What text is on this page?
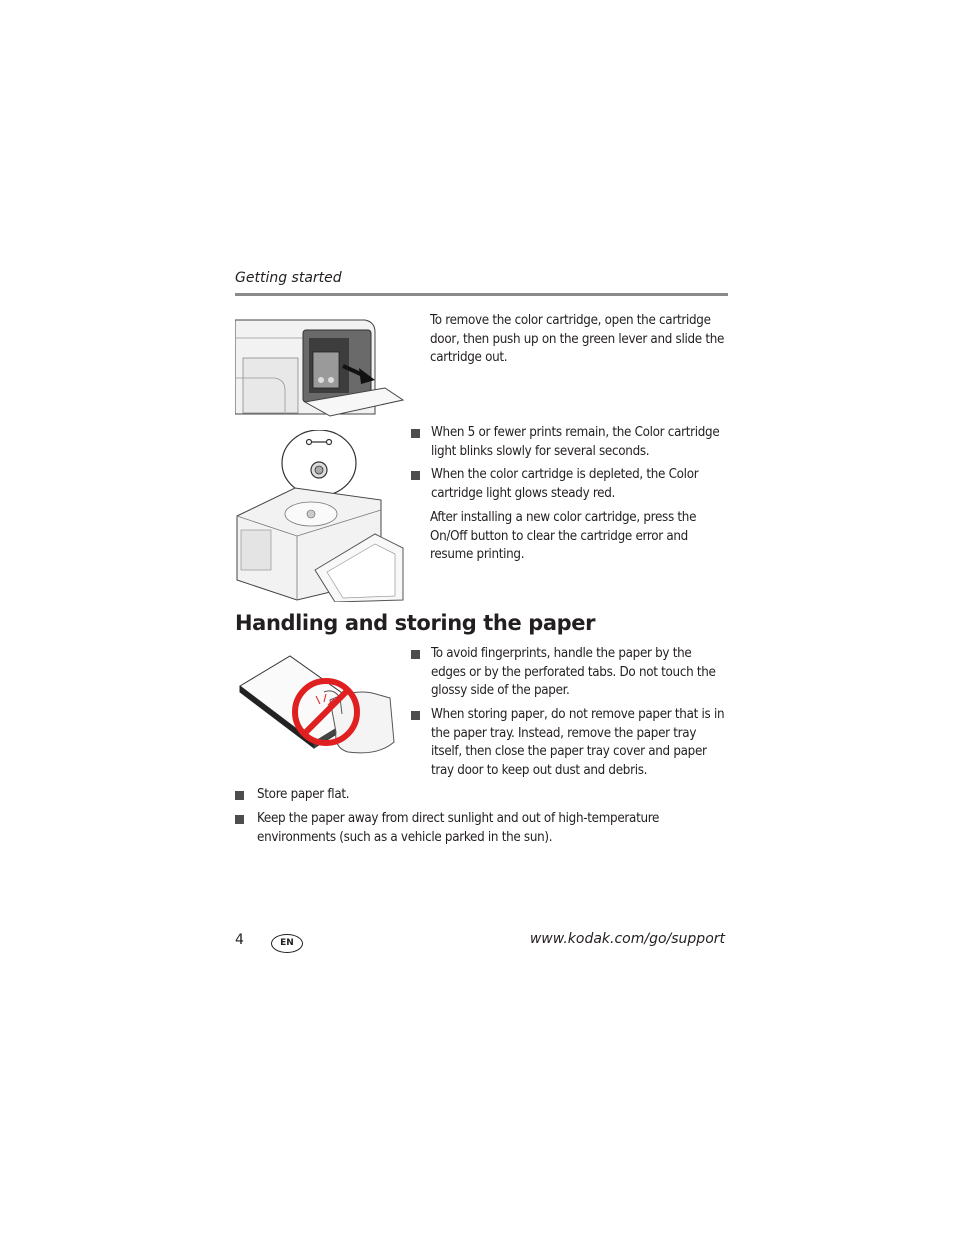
Getting started
To remove the color cartridge, open the cartridge door, then push up on the green lever and slide the cartridge out.
When 5 or fewer prints remain, the Color cartridge light blinks slowly for several seconds.
When the color cartridge is depleted, the Color cartridge light glows steady red.
After installing a new color cartridge, press the On/Off button to clear the cartridge error and resume printing.
Handling and storing the paper
To avoid fingerprints, handle the paper by the edges or by the perforated tabs. Do not touch the glossy side of the paper.
When storing paper, do not remove paper that is in the paper tray. Instead, remove the paper tray itself, then close the paper tray cover and paper tray door to keep out dust and debris.
Store paper flat.
Keep the paper away from direct sunlight and out of high-temperature environments (such as a vehicle parked in the sun).
4	EN	www.kodak.com/go/support
